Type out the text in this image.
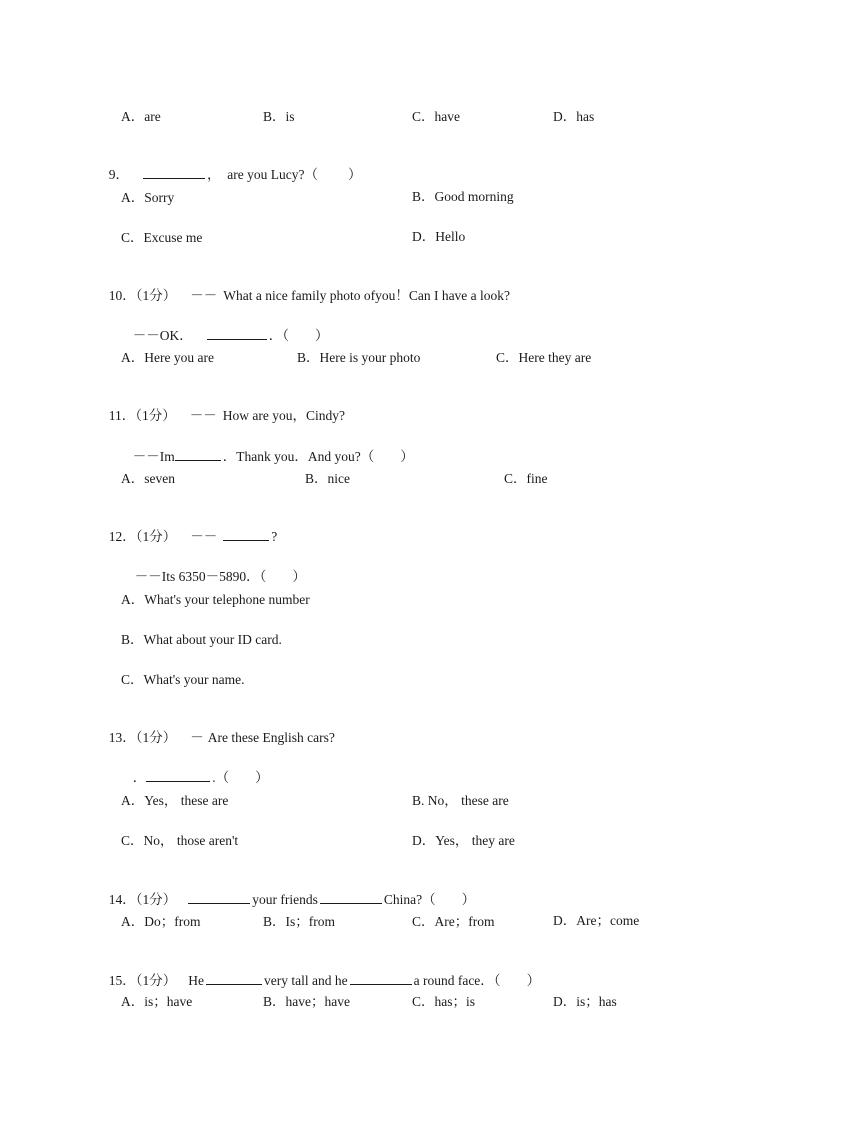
A．are	B．is	C．have	D．has

9．	，  are you Lucy?（ ）

A．Sorry	B．Good morning
C．Excuse me	D．Hello

10．（1分） －－ What a nice family photo ofyou！Can I have a look?

－－OK．	．（ ）

A．Here you are	B．Here is your photo	C．Here they are

11．（1分） －－ How are you，Cindy?

－－Im	．Thank you．And you?（ ）

A．seven	B．nice	C．fine

12．（1分） －－	?

－－Its 6350－5890．（ ）

A．What's your telephone number
B．What about your ID card.
C．What's your name.

13．（1分） － Are these English cars?

．	.（ ）

A．Yes， these are	B. No， these are
C．No， those aren't	D．Yes， they are

14．（1分）	your friends	China?（ ）

A．Do；from	B．Is；from	C．Are；from	D．Are；come

15．（1分） He	very tall and he	a round face．（ ）

A．is；have	B．have；have	C．has；is	D．is；has
